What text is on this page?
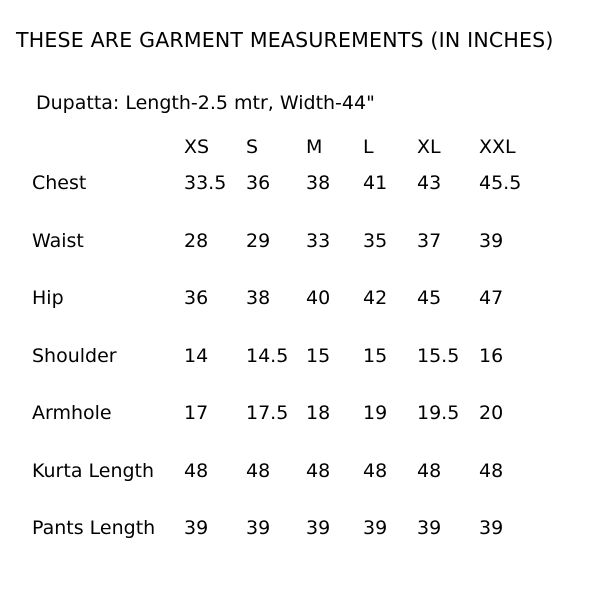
THESE ARE GARMENT MEASUREMENTS (IN INCHES)
Dupatta: Length-2.5 mtr, Width-44"
	XS	S	M	L	XL	XXL
Chest	33.5	36	38	41	43	45.5
Waist	28	29	33	35	37	39
Hip	36	38	40	42	45	47
Shoulder	14	14.5	15	15	15.5	16
Armhole	17	17.5	18	19	19.5	20
Kurta Length	48	48	48	48	48	48
Pants Length	39	39	39	39	39	39
